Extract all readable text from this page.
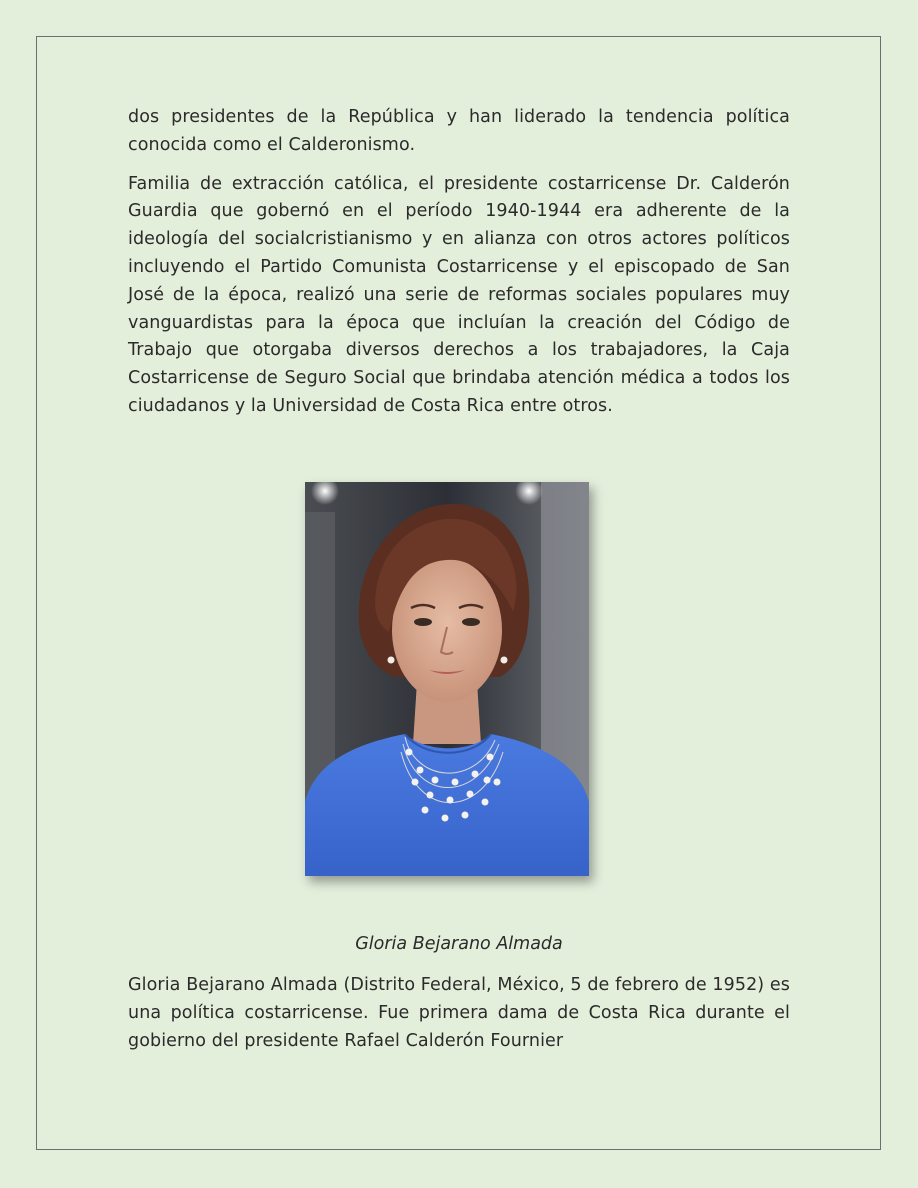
dos presidentes de la República y han liderado la tendencia política conocida como el Calderonismo.

Familia de extracción católica, el presidente costarricense Dr. Calderón Guardia que gobernó en el período 1940-1944 era adherente de la ideología del socialcristianismo y en alianza con otros actores políticos incluyendo el Partido Comunista Costarricense y el episcopado de San José de la época, realizó una serie de reformas sociales populares muy vanguardistas para la época que incluían la creación del Código de Trabajo que otorgaba diversos derechos a los trabajadores, la Caja Costarricense de Seguro Social que brindaba atención médica a todos los ciudadanos y la Universidad de Costa Rica entre otros.

Gloria Bejarano Almada

Gloria Bejarano Almada (Distrito Federal, México, 5 de febrero de 1952) es una política costarricense. Fue primera dama de Costa Rica durante el gobierno del presidente Rafael Calderón Fournier
